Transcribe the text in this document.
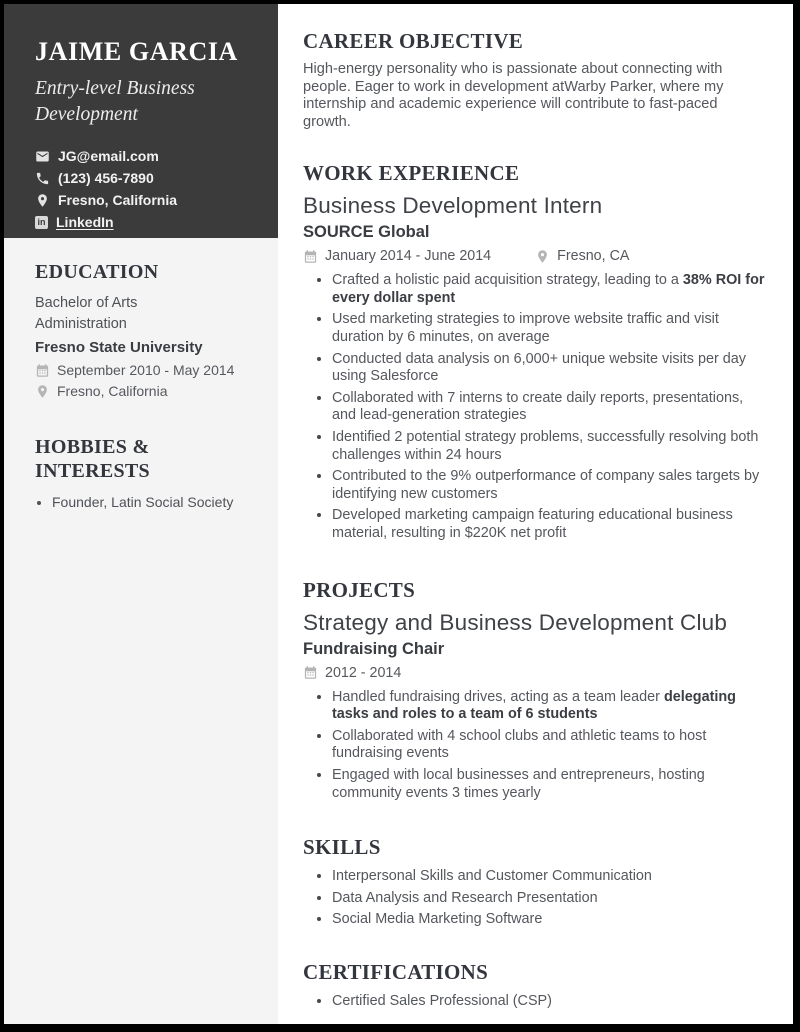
JAIME GARCIA
Entry-level Business Development
JG@email.com
(123) 456-7890
Fresno, California
in LinkedIn
EDUCATION
Bachelor of Arts Administration
Fresno State University
September 2010 - May 2014
Fresno, California
HOBBIES & INTERESTS
• Founder, Latin Social Society
CAREER OBJECTIVE

High-energy personality who is passionate about connecting with people. Eager to work in development atWarby Parker, where my internship and academic experience will contribute to fast-paced growth.

WORK EXPERIENCE
Business Development Intern
SOURCE Global
January 2014 - June 2014	Fresno, CA
• Crafted a holistic paid acquisition strategy, leading to a 38% ROI for every dollar spent
• Used marketing strategies to improve website traffic and visit duration by 6 minutes, on average
• Conducted data analysis on 6,000+ unique website visits per day using Salesforce
• Collaborated with 7 interns to create daily reports, presentations, and lead-generation strategies
• Identified 2 potential strategy problems, successfully resolving both challenges within 24 hours
• Contributed to the 9% outperformance of company sales targets by identifying new customers
• Developed marketing campaign featuring educational business material, resulting in $220K net profit
PROJECTS
Strategy and Business Development Club
Fundraising Chair
2012 - 2014
• Handled fundraising drives, acting as a team leader delegating tasks and roles to a team of 6 students
• Collaborated with 4 school clubs and athletic teams to host fundraising events
• Engaged with local businesses and entrepreneurs, hosting community events 3 times yearly
SKILLS
• Interpersonal Skills and Customer Communication
• Data Analysis and Research Presentation
• Social Media Marketing Software
CERTIFICATIONS
• Certified Sales Professional (CSP)
